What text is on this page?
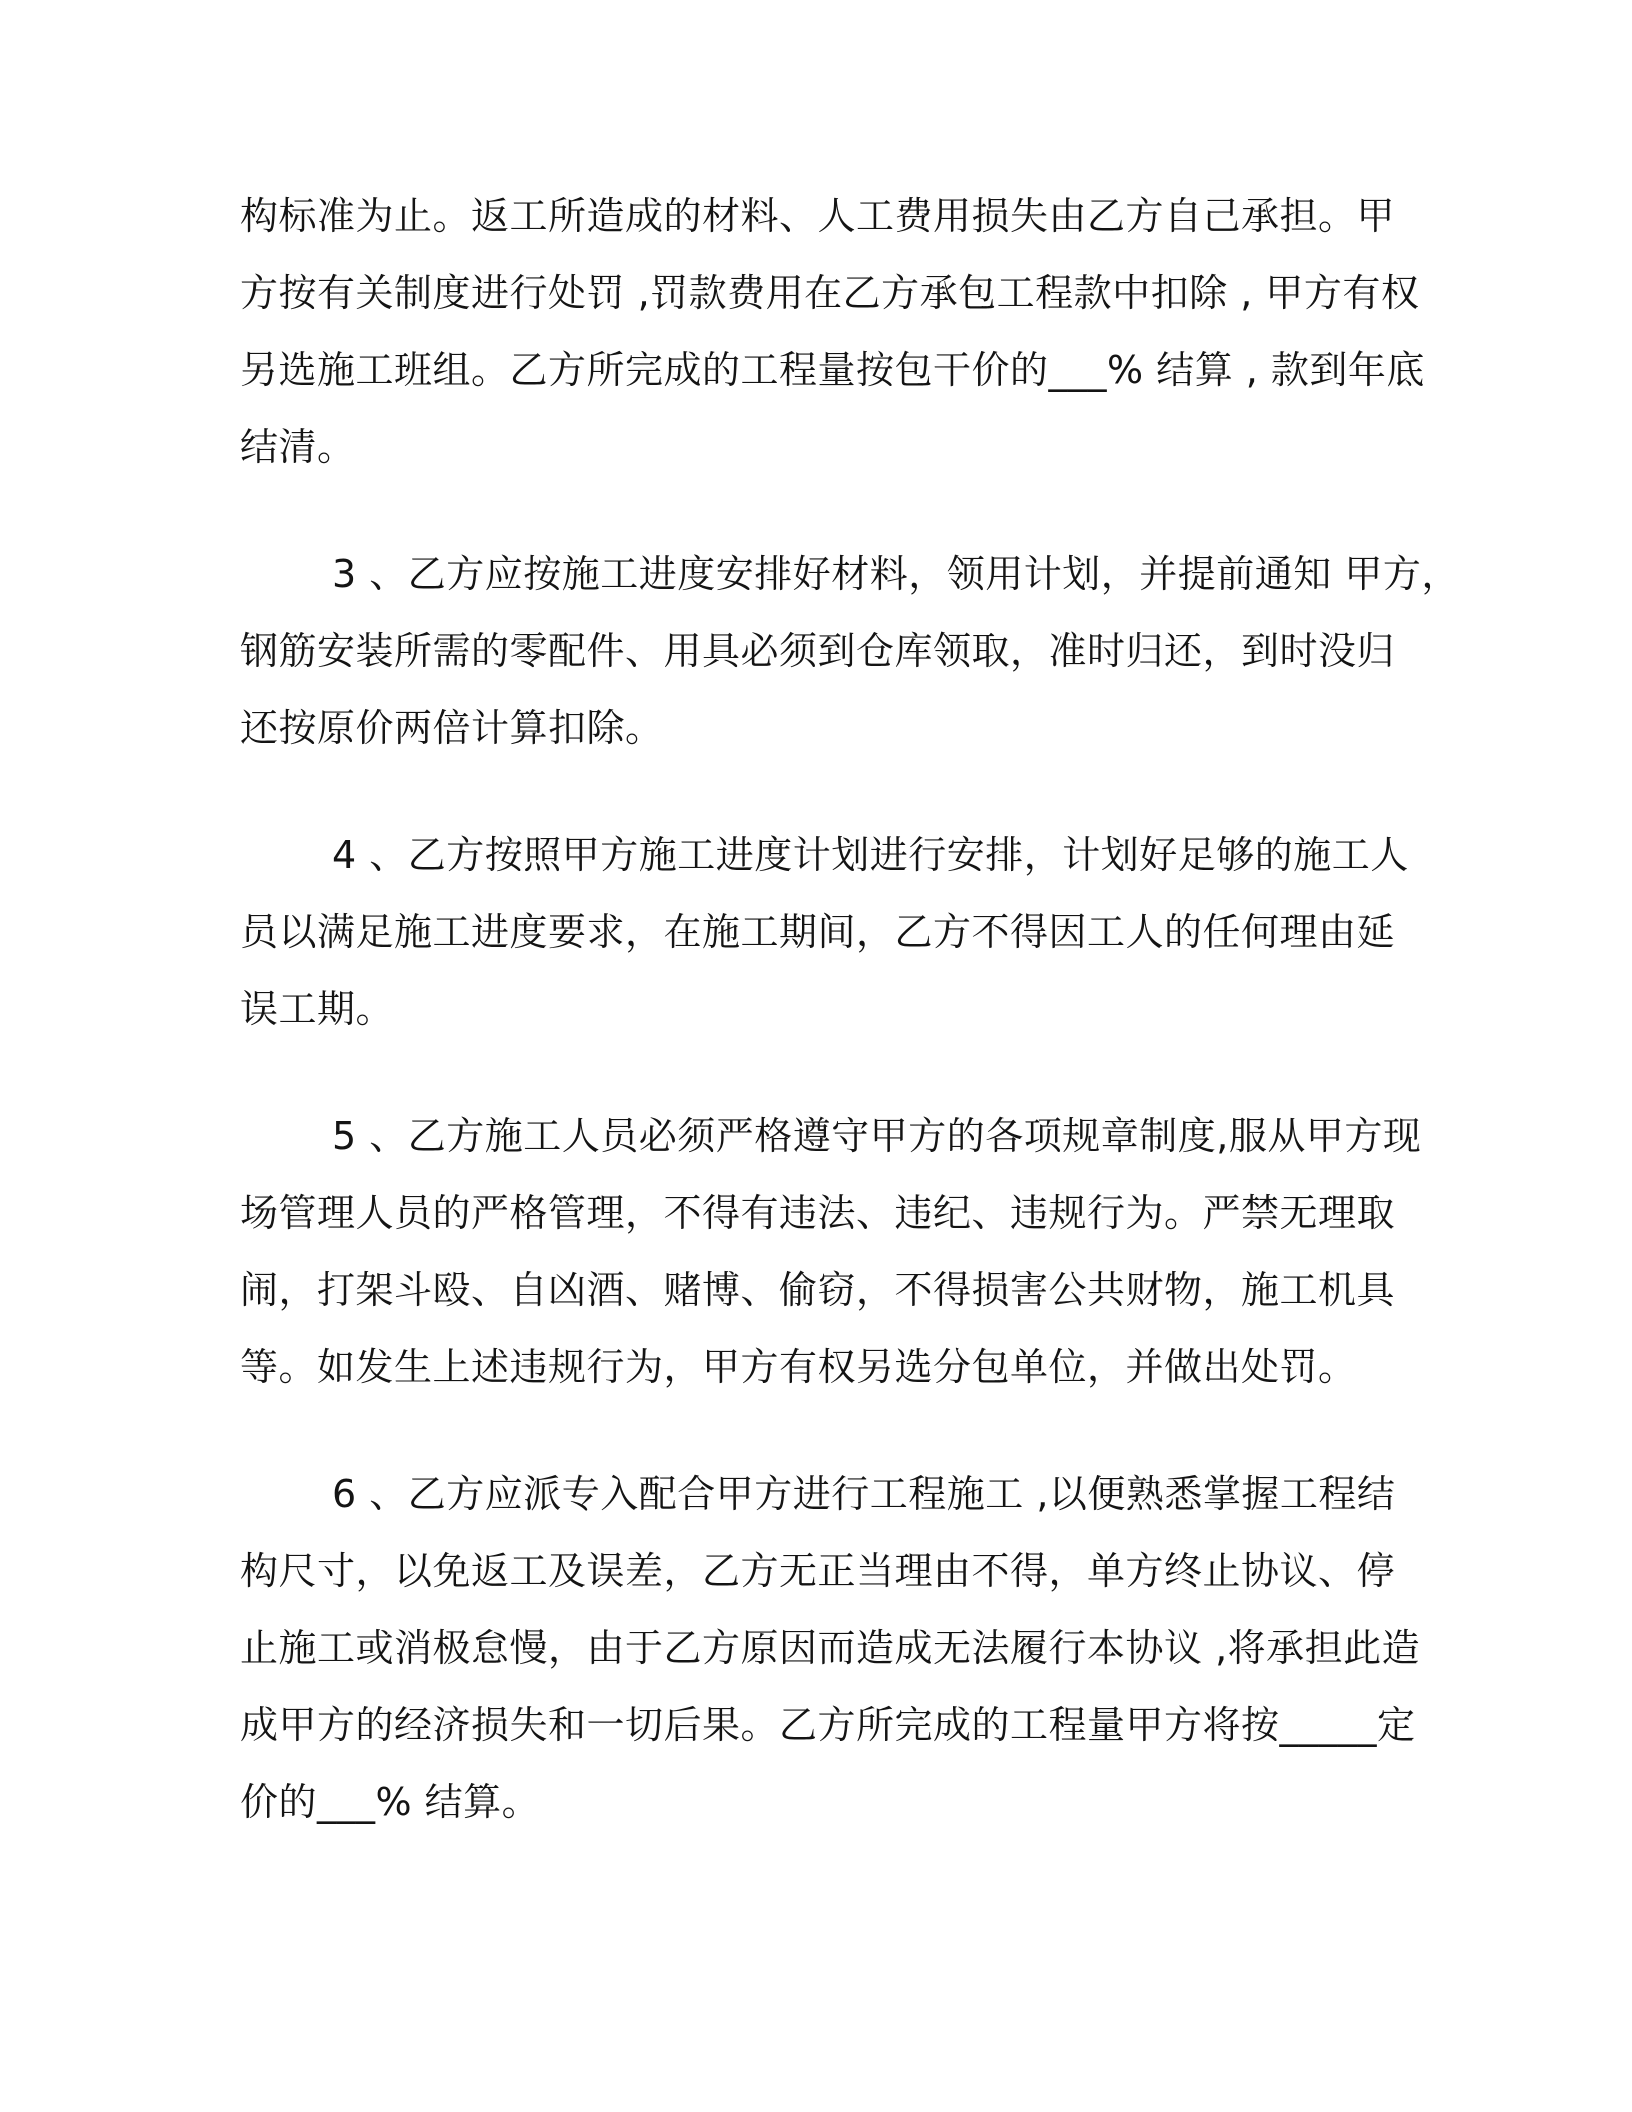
构标准为止。返工所造成的材料、人工费用损失由乙方自己承担。甲
方按有关制度进行处罚 ,罚款费用在乙方承包工程款中扣除 , 甲方有权
另选施工班组。乙方所完成的工程量按包干价的___% 结算 , 款到年底
结清。
3 、乙方应按施工进度安排好材料，领用计划，并提前通知 甲方，
钢筋安装所需的零配件、用具必须到仓库领取，准时归还，到时没归
还按原价两倍计算扣除。
4 、乙方按照甲方施工进度计划进行安排，计划好足够的施工人
员以满足施工进度要求，在施工期间，乙方不得因工人的任何理由延
误工期。
5 、乙方施工人员必须严格遵守甲方的各项规章制度,服从甲方现
场管理人员的严格管理，不得有违法、违纪、违规行为。严禁无理取
闹，打架斗殴、自凶酒、赌博、偷窃，不得损害公共财物，施工机具
等。如发生上述违规行为，甲方有权另选分包单位，并做出处罚。
6 、乙方应派专入配合甲方进行工程施工 ,以便熟悉掌握工程结
构尺寸，以免返工及误差，乙方无正当理由不得，单方终止协议、停
止施工或消极怠慢，由于乙方原因而造成无法履行本协议 ,将承担此造
成甲方的经济损失和一切后果。乙方所完成的工程量甲方将按_____定
价的___% 结算。
